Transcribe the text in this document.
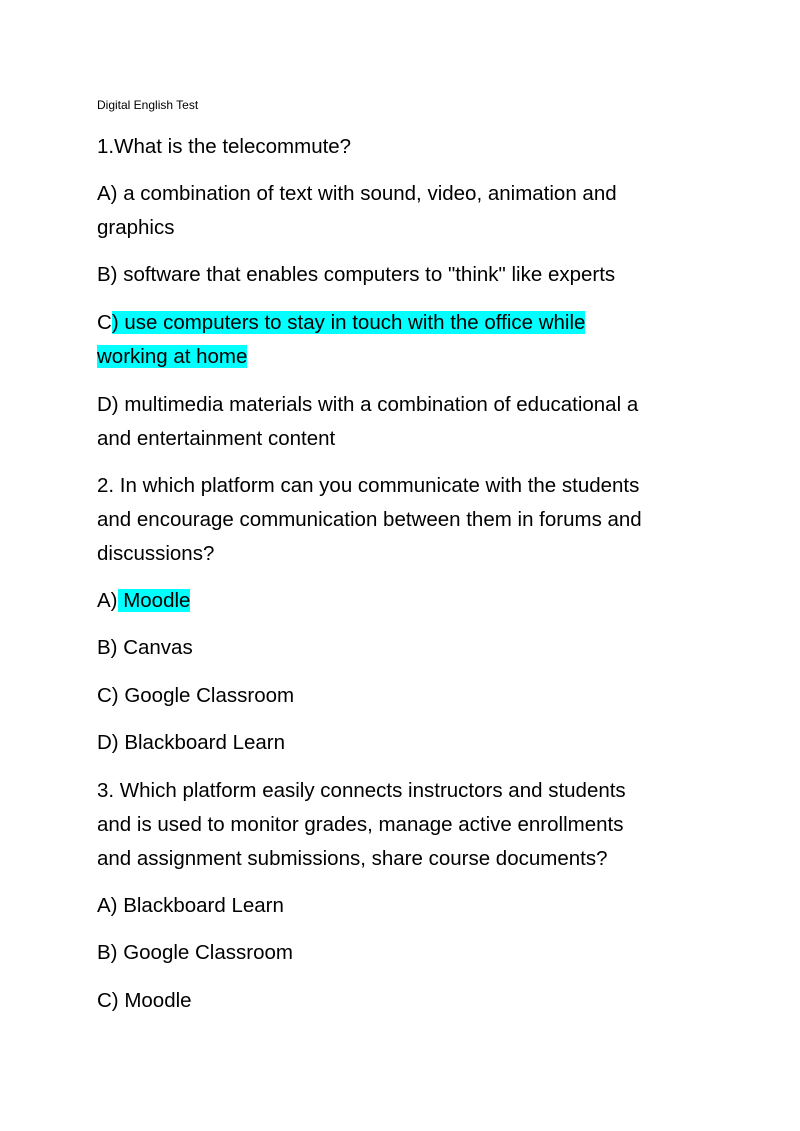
Digital English Test
1.What is the telecommute?
A) a combination of text with sound, video, animation and
graphics
B) software that enables computers to "think" like experts
C) use computers to stay in touch with the office while
working at home
D) multimedia materials with a combination of educational a
and entertainment content
2. In which platform can you communicate with the students
and encourage communication between them in forums and
discussions?
A) Moodle
B) Canvas
C) Google Classroom
D) Blackboard Learn
3. Which platform easily connects instructors and students
and is used to monitor grades, manage active enrollments
and assignment submissions, share course documents?
A) Blackboard Learn
B) Google Classroom
C) Moodle
